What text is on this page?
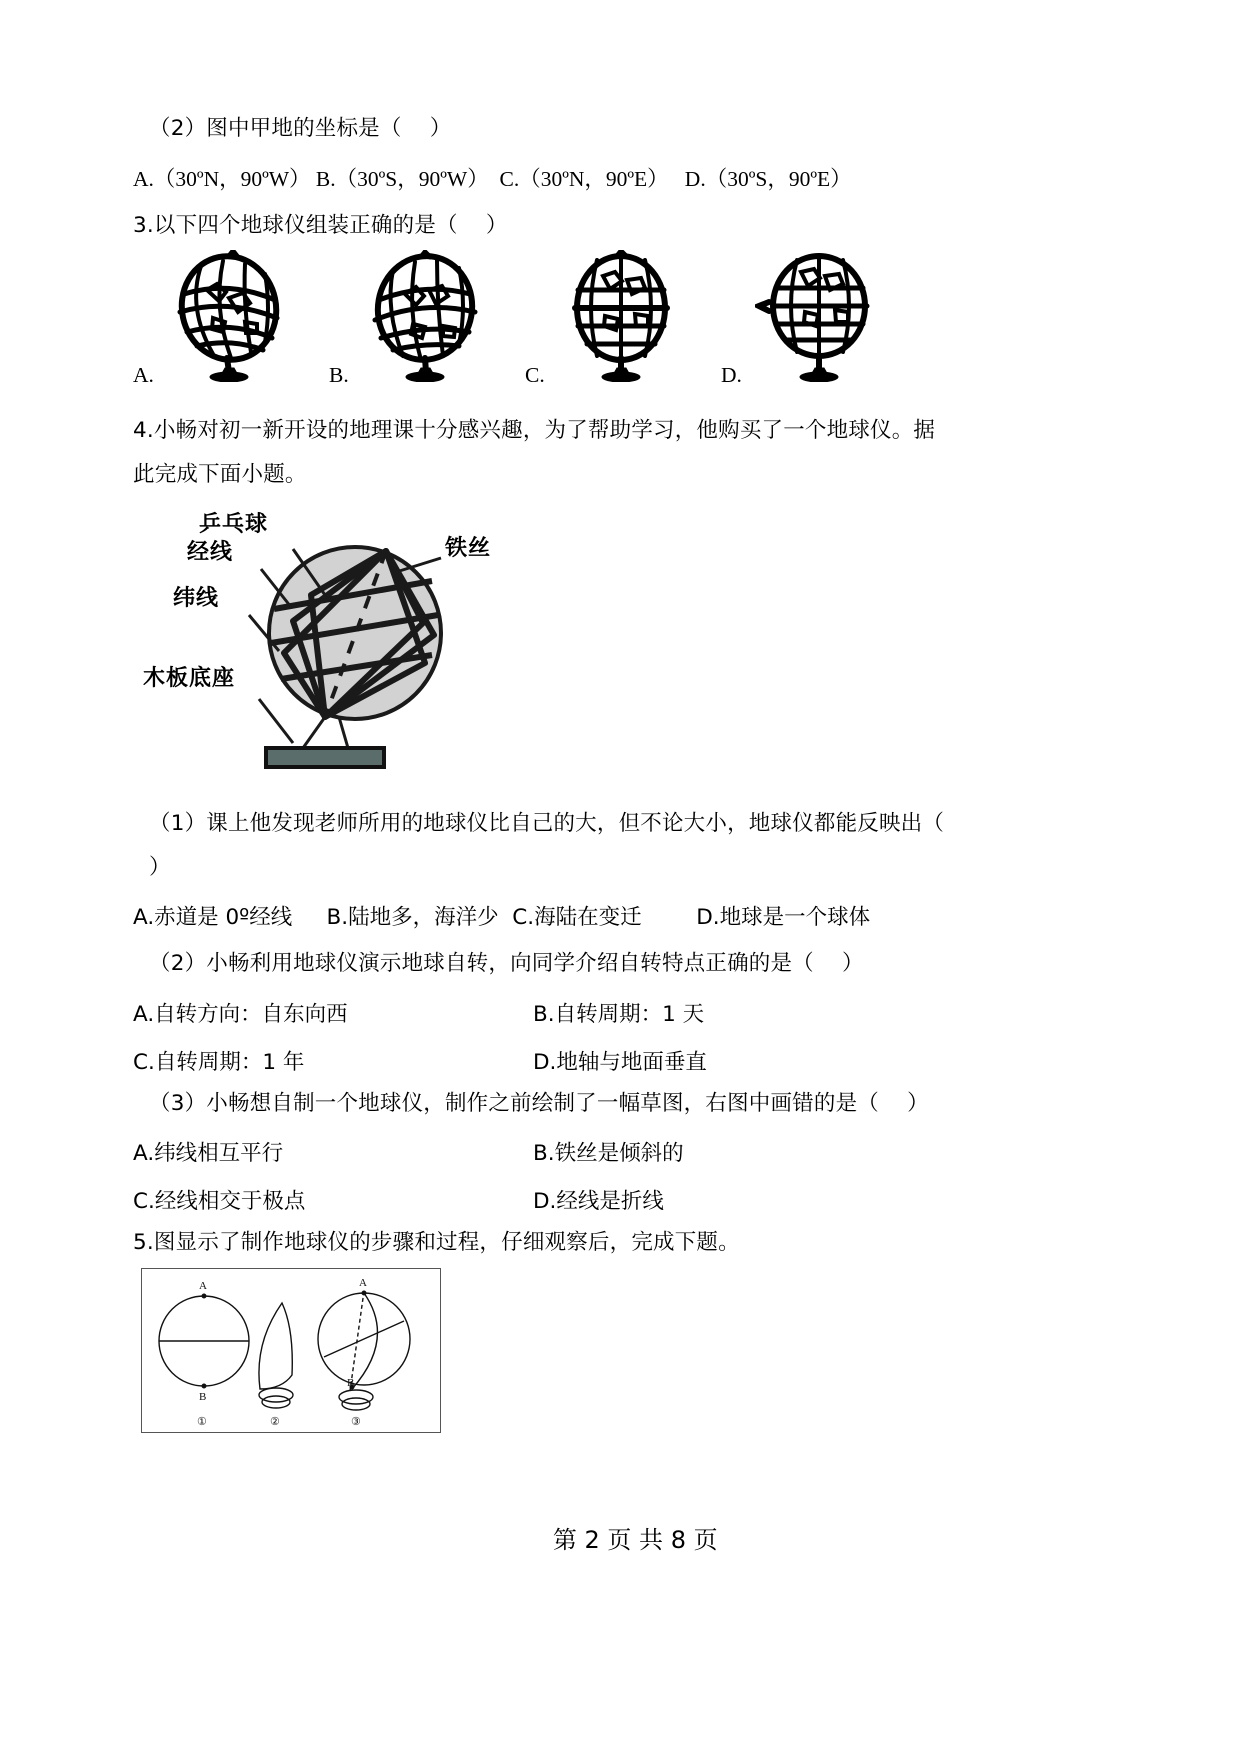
（2）图中甲地的坐标是（    ）

A.（30ºN，90ºW） B.（30ºS，90ºW）  C.（30ºN，90ºE）   D.（30ºS，90ºE）

3.以下四个地球仪组装正确的是（    ）

A.	B.	C.	D.

4.小畅对初一新开设的地理课十分感兴趣，为了帮助学习，他购买了一个地球仪。据

此完成下面小题。

乒乓球
经线
纬线
铁丝
木板底座

（1）课上他发现老师所用的地球仪比自己的大，但不论大小，地球仪都能反映出（

）

A.赤道是 0º经线     B.陆地多，海洋少  C.海陆在变迁        D.地球是一个球体

（2）小畅利用地球仪演示地球自转，向同学介绍自转特点正确的是（    ）

A.自转方向：自东向西	B.自转周期：1 天
C.自转周期：1 年	D.地轴与地面垂直

（3）小畅想自制一个地球仪，制作之前绘制了一幅草图，右图中画错的是（    ）

A.纬线相互平行	B.铁丝是倾斜的
C.经线相交于极点	D.经线是折线

5.图显示了制作地球仪的步骤和过程，仔细观察后，完成下题。

A
B
A
B
①	②	③

第 2 页 共 8 页
